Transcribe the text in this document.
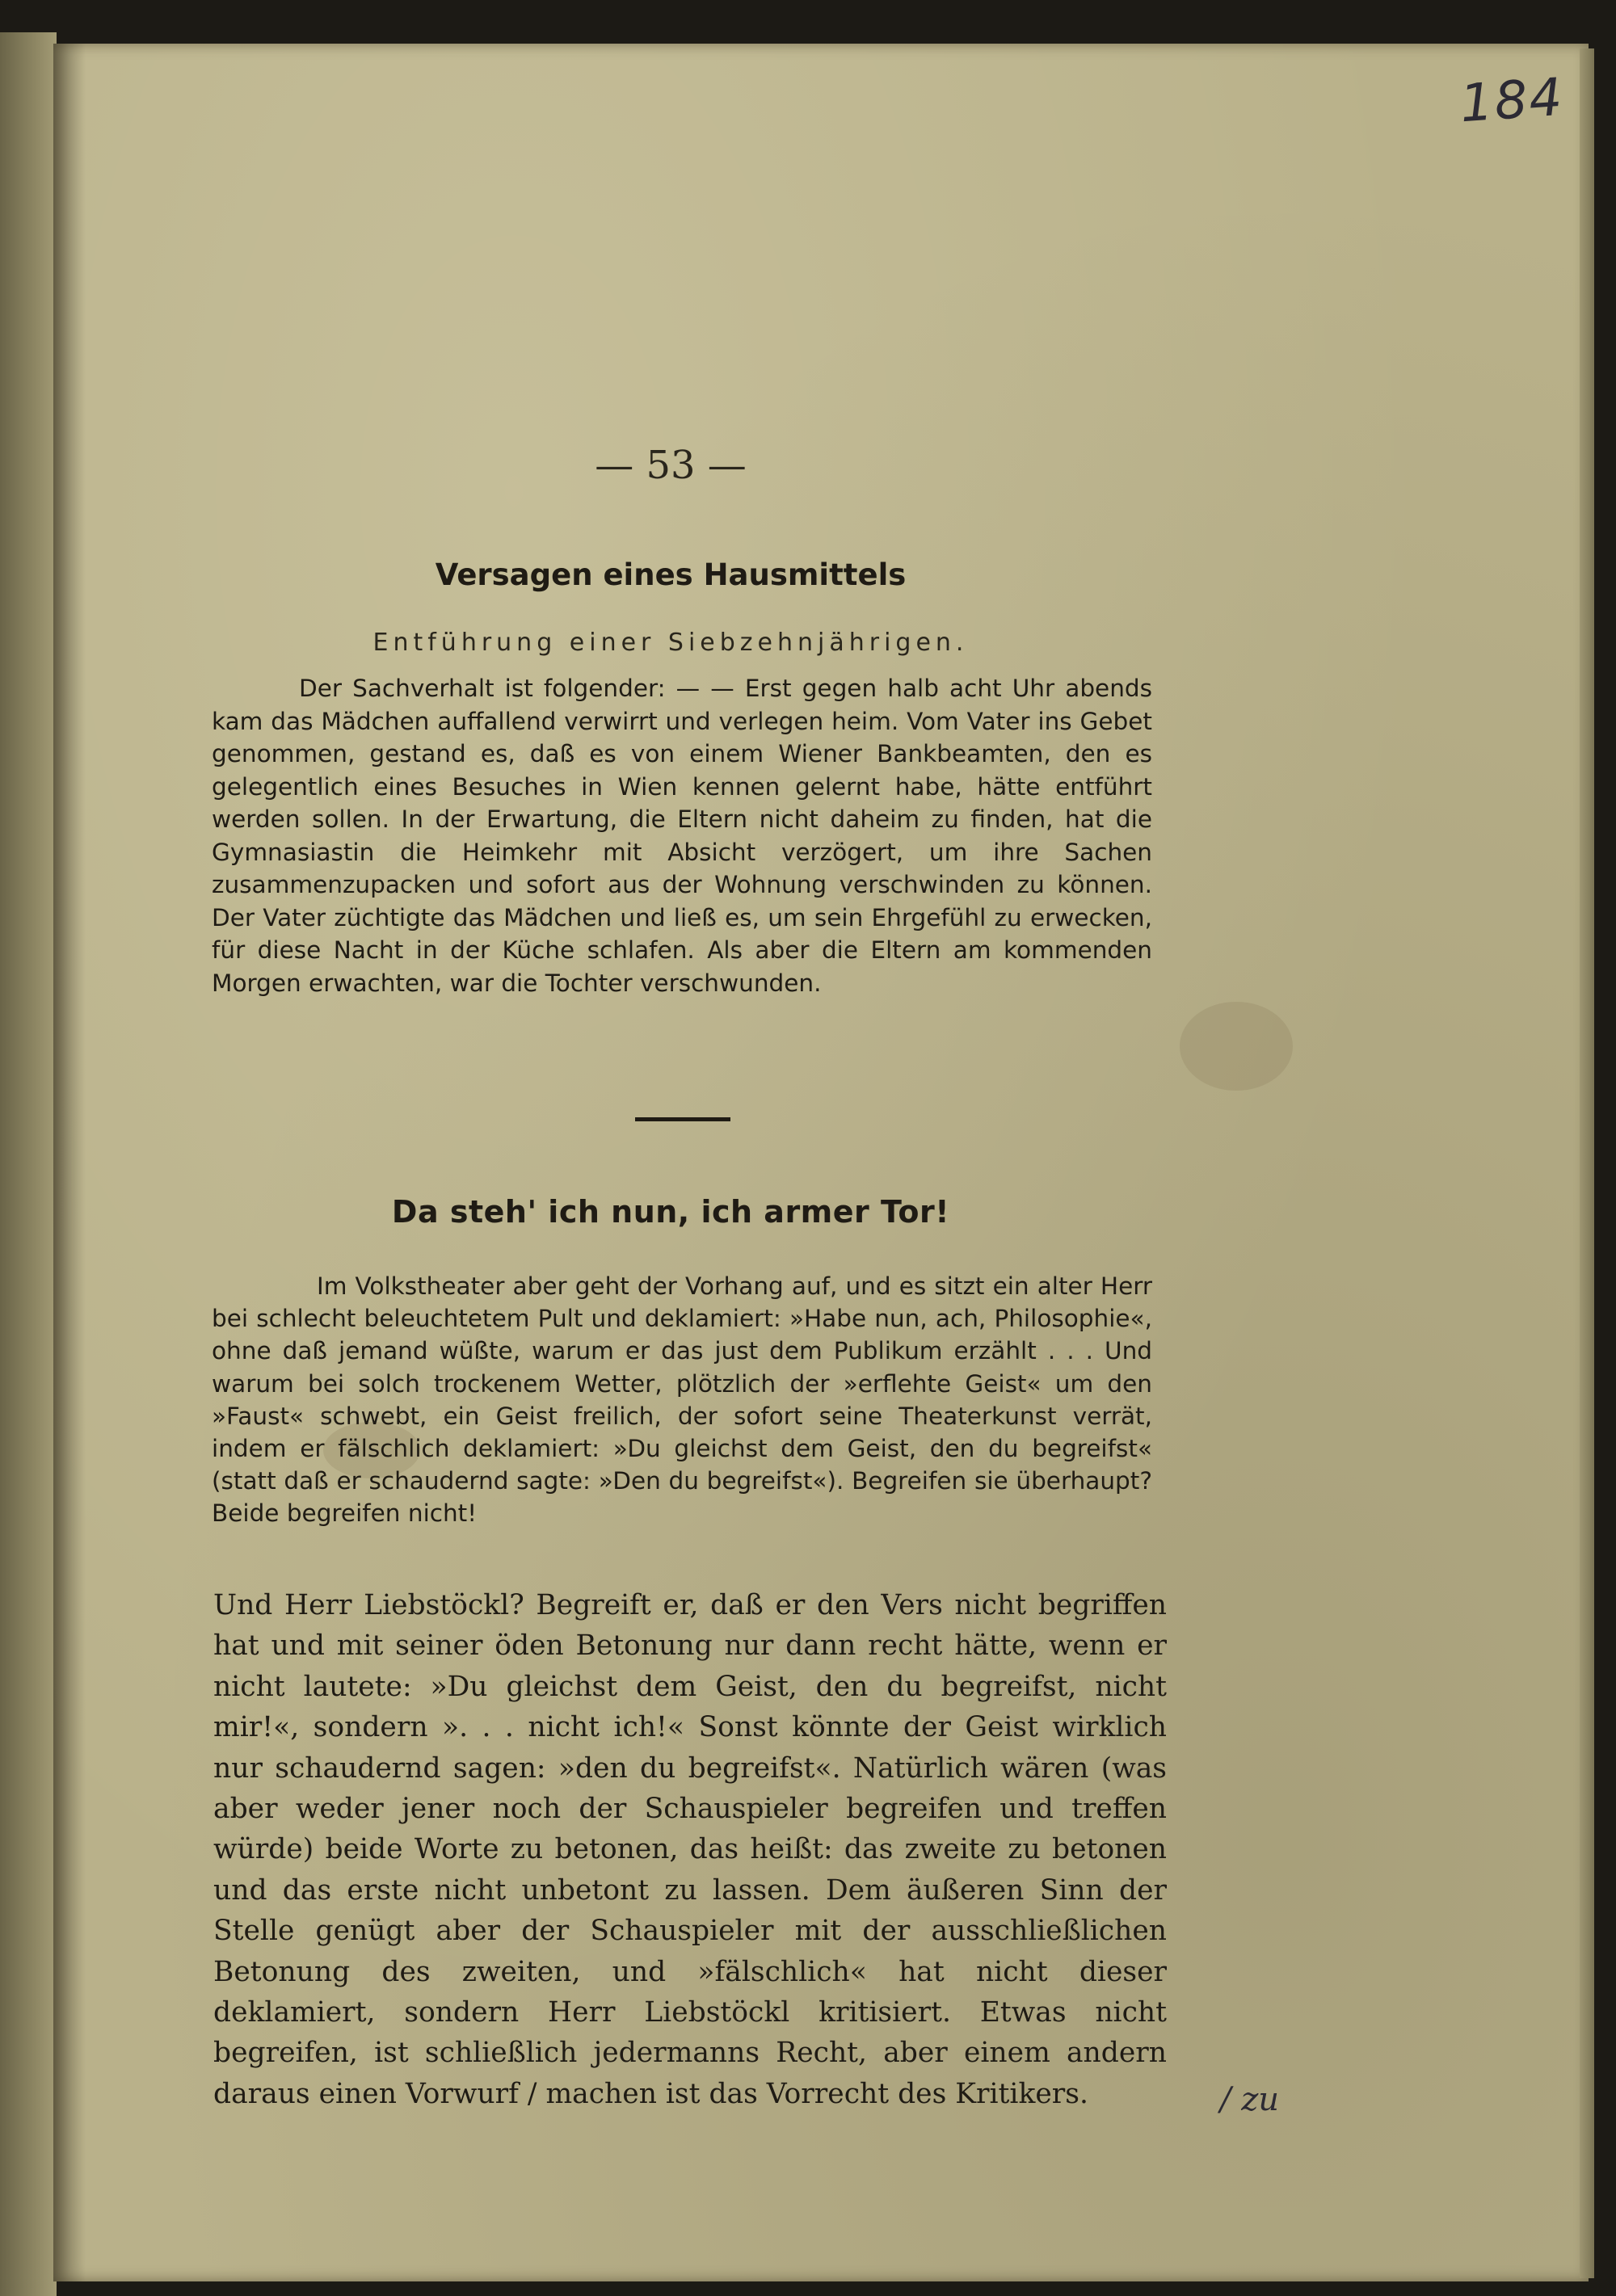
184
— 53 —
Versagen eines Hausmittels
Entführung einer Siebzehnjährigen.

Der Sachverhalt ist folgender: — — Erst gegen halb acht Uhr abends kam das Mädchen auffallend verwirrt und verlegen heim. Vom Vater ins Gebet genommen, gestand es, daß es von einem Wiener Bankbeamten, den es gelegentlich eines Besuches in Wien kennen gelernt habe, hätte entführt werden sollen. In der Erwartung, die Eltern nicht daheim zu finden, hat die Gymnasiastin die Heimkehr mit Absicht verzögert, um ihre Sachen zusammenzupacken und sofort aus der Wohnung verschwinden zu können. Der Vater züchtigte das Mädchen und ließ es, um sein Ehrgefühl zu erwecken, für diese Nacht in der Küche schlafen. Als aber die Eltern am kommenden Morgen erwachten, war die Tochter verschwunden.

Da steh' ich nun, ich armer Tor!

Im Volkstheater aber geht der Vorhang auf, und es sitzt ein alter Herr bei schlecht beleuchtetem Pult und deklamiert: »Habe nun, ach, Philosophie«, ohne daß jemand wüßte, warum er das just dem Publikum erzählt . . . Und warum bei solch trockenem Wetter, plötzlich der »erflehte Geist« um den »Faust« schwebt, ein Geist freilich, der sofort seine Theaterkunst verrät, indem er fälschlich deklamiert: »Du gleichst dem Geist, den du begreifst« (statt daß er schaudernd sagte: »Den du begreifst«). Begreifen sie überhaupt? Beide begreifen nicht!

Und Herr Liebstöckl? Begreift er, daß er den Vers nicht begriffen hat und mit seiner öden Betonung nur dann recht hätte, wenn er nicht lautete: »Du gleichst dem Geist, den du begreifst, nicht mir!«, sondern ». . . nicht ich!« Sonst könnte der Geist wirklich nur schaudernd sagen: »den du begreifst«. Natürlich wären (was aber weder jener noch der Schauspieler begreifen und treffen würde) beide Worte zu betonen, das heißt: das zweite zu betonen und das erste nicht unbetont zu lassen. Dem äußeren Sinn der Stelle genügt aber der Schauspieler mit der ausschließlichen Betonung des zweiten, und »fälschlich« hat nicht dieser deklamiert, sondern Herr Liebstöckl kritisiert. Etwas nicht begreifen, ist schließlich jedermanns Recht, aber einem andern daraus einen Vorwurf / machen ist das Vorrecht des Kritikers.	/ zu
